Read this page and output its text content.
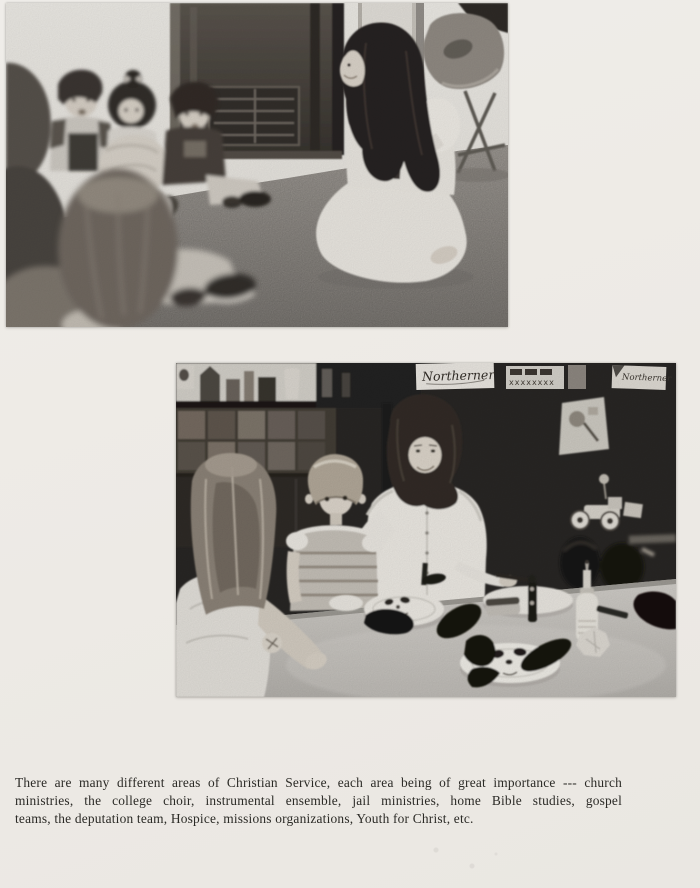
Northerner xxxxxxxx	Northerner

There are many different areas of Christian Service, each area being of great importance --- church

ministries, the college choir, instrumental ensemble, jail ministries, home Bible studies, gospel

teams, the deputation team, Hospice, missions organizations, Youth for Christ, etc.
